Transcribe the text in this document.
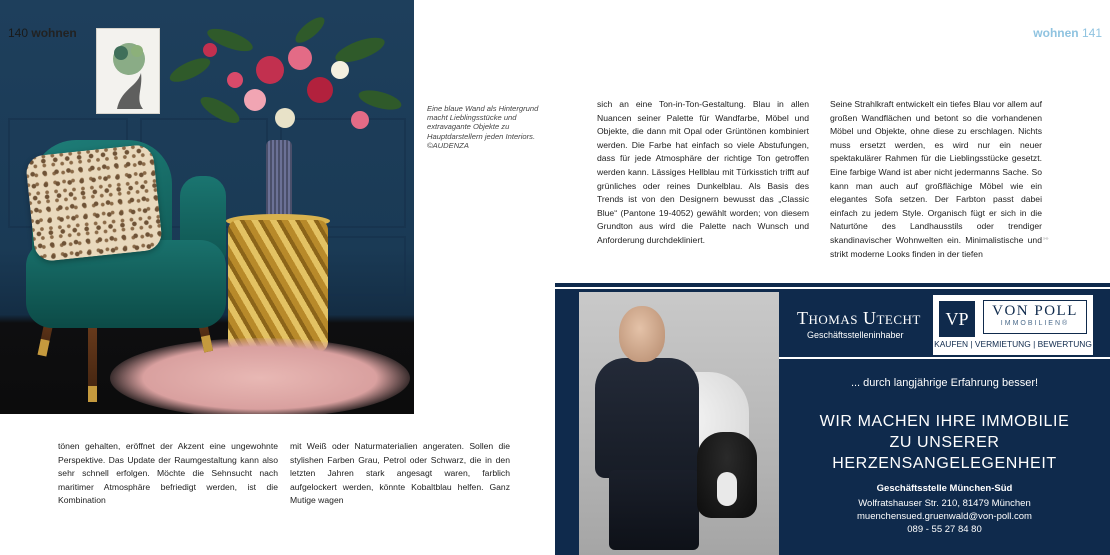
140 wohnen
Eine blaue Wand als Hintergrund macht Lieblingsstücke und extravagante Objekte zu Hauptdarstellern jeden Interiors. ©AUDENZA
tönen gehalten, eröffnet der Akzent eine ungewohnte Perspektive. Das Update der Raumgestaltung kann also sehr schnell erfolgen. Möchte die Sehnsucht nach maritimer Atmosphäre befriedigt werden, ist die Kombination
mit Weiß oder Naturmaterialien angeraten. Sollen die stylishen Farben Grau, Petrol oder Schwarz, die in den letzten Jahren stark angesagt waren, farblich aufgelockert werden, könnte Kobaltblau helfen. Ganz Mutige wagen
wohnen 141
sich an eine Ton-in-Ton-Gestaltung. Blau in allen Nuancen seiner Palette für Wandfarbe, Möbel und Objekte, die dann mit Opal oder Grüntönen kombiniert werden. Die Farbe hat einfach so viele Abstufungen, dass für jede Atmosphäre der richtige Ton getroffen werden kann. Lässiges Hellblau mit Türkisstich trifft auf grünliches oder reines Dunkelblau. Als Basis des Trends ist von den Designern bewusst das „Classic Blue“ (Pantone 19-4052) gewählt worden; von diesem Grundton aus wird die Palette nach Wunsch und Anforderung durchdekliniert.
Seine Strahlkraft entwickelt ein tiefes Blau vor allem auf großen Wandflächen und betont so die vorhandenen Möbel und Objekte, ohne diese zu erschlagen. Nichts muss ersetzt werden, es wird nur ein neuer spektakulärer Rahmen für die Lieblingsstücke gesetzt. Eine farbige Wand ist aber nicht jedermanns Sache. So kann man auch auf großflächige Möbel wie ein elegantes Sofa setzen. Der Farbton passt dabei einfach zu jedem Style. Organisch fügt er sich in die Naturtöne des Landhausstils oder trendiger skandinavischer Wohnwelten ein. Minimalistische und strikt moderne Looks finden in der tiefen
»»
Thomas Utecht
Geschäftsstelleninhaber
VP	VON POLL
IMMOBILIEN®
KAUFEN | VERMIETUNG | BEWERTUNG
... durch langjährige Erfahrung besser!
WIR MACHEN IHRE IMMOBILIE
ZU UNSERER HERZENSANGELEGENHEIT
Geschäftsstelle München-Süd
Wolfratshauser Str. 210, 81479 München
muenchensued.gruenwald@von-poll.com
089 - 55 27 84 80
